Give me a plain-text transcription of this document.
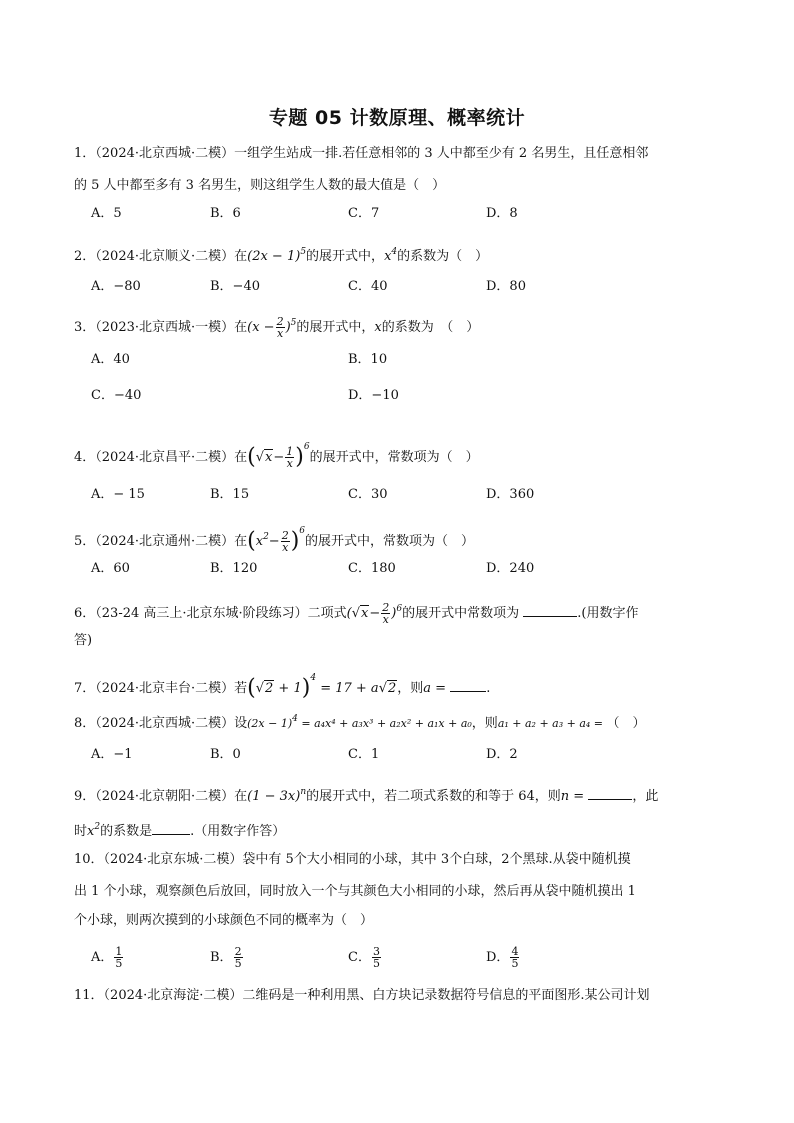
专题 05 计数原理、概率统计
1．（2024·北京西城·二模）一组学生站成一排.若任意相邻的 3 人中都至少有 2 名男生，且任意相邻
的 5 人中都至多有 3 名男生，则这组学生人数的最大值是（　）
A．5	B．6	C．7	D．8
2．（2024·北京顺义·二模）在$(2x - 1)^5$的展开式中，$x^4$的系数为（　）
A．−80	B．−40	C．40	D．80
3．（2023·北京西城·一模）在$(x - \frac{2}{x} )^5$的展开式中，x的系数为　（　）
A．40	B．10
C．−40	D．−10
4．（2024·北京昌平·二模）在$(√x- \frac{1}{x} )^6$的展开式中，常数项为（　）
A．− 15	B．15	C．30	D．360
5．（2024·北京通州·二模）在$(x^2- \frac{2}{x} )^6$的展开式中，常数项为（　）
A．60	B．120	C．180	D．240
6．（23-24 高三上·北京东城·阶段练习）二项式$(√x- \frac{2}{x} )^6$的展开式中常数项为	.(用数字作
答)
7．（2024·北京丰台·二模）若$(√2 + 1)^4 = 17 + a√2$，则a =	.
8．（2024·北京西城·二模）设$(2x - 1)^4 = a_4x^4 + a_3x^3 + a_2x^2 + a_1x + a_0$，则a₁ + a₂ + a₃ + a₄ = （　）
A．−1	B．0	C．1	D．2
9．（2024·北京朝阳·二模）在$(1 - 3x)^n$的展开式中，若二项式系数的和等于 64，则n =	，此
时$x^2$的系数是	.（用数字作答）
10．（2024·北京东城·二模）袋中有 5个大小相同的小球，其中 3个白球，2个黑球.从袋中随机摸
出 1 个小球，观察颜色后放回，同时放入一个与其颜色大小相同的小球，然后再从袋中随机摸出 1
个小球，则两次摸到的小球颜色不同的概率为（　）
A． $\frac{1}{5}$	B． $\frac{2}{5}$	C． $\frac{3}{5}$	D． $\frac{4}{5}$
11．（2024·北京海淀·二模）二维码是一种利用黑、白方块记录数据符号信息的平面图形.某公司计划
